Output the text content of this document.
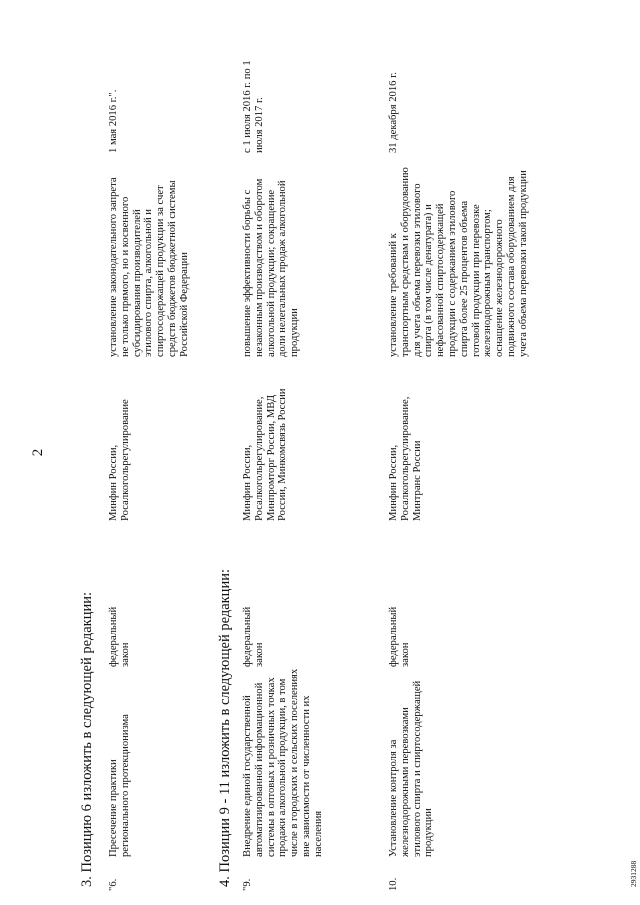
2
3. Позицию 6 изложить в следующей редакции: "6.
Пресечение практики регионального протекционизма
федеральный закон
Минфин России, Росалкогольрегулирование
установление законодательного запрета не только прямого, но и косвенного субсидирования производителей этилового спирта, алкогольной и спиртосодержащей продукции за счет средств бюджетов бюджетной системы Российской Федерации
1 мая 2016 г.".
4. Позиции 9 - 11 изложить в следующей редакции: "9.
Внедрение единой государственной автоматизированной информационной системы в оптовых и розничных точках продажи алкогольной продукции, в том числе в городских и сельских поселениях вне зависимости от численности их населения
федеральный закон
Минфин России, Росалкогольрегулирование, Минпромторг России, МВД России, Минкомсвязь России
повышение эффективности борьбы с незаконным производством и оборотом алкогольной продукции; сокращение доли нелегальных продаж алкогольной продукции
с 1 июля 2016 г. по 1 июля 2017 г.
10.
Установление контроля за железнодорожными перевозками этилового спирта и спиртосодержащей продукции
федеральный закон
Минфин России, Росалкогольрегулирование, Минтранс России
установление требований к транспортным средствам и оборудованию для учета объема перевозки этилового спирта (в том числе денатурата) и нефасованной спиртосодержащей продукции с содержанием этилового спирта более 25 процентов объема готовой продукции при перевозке железнодорожным транспортом; оснащение железнодорожного подвижного состава оборудованием для учета объема перевозки такой продукции
31 декабря 2016 г.
2931288
